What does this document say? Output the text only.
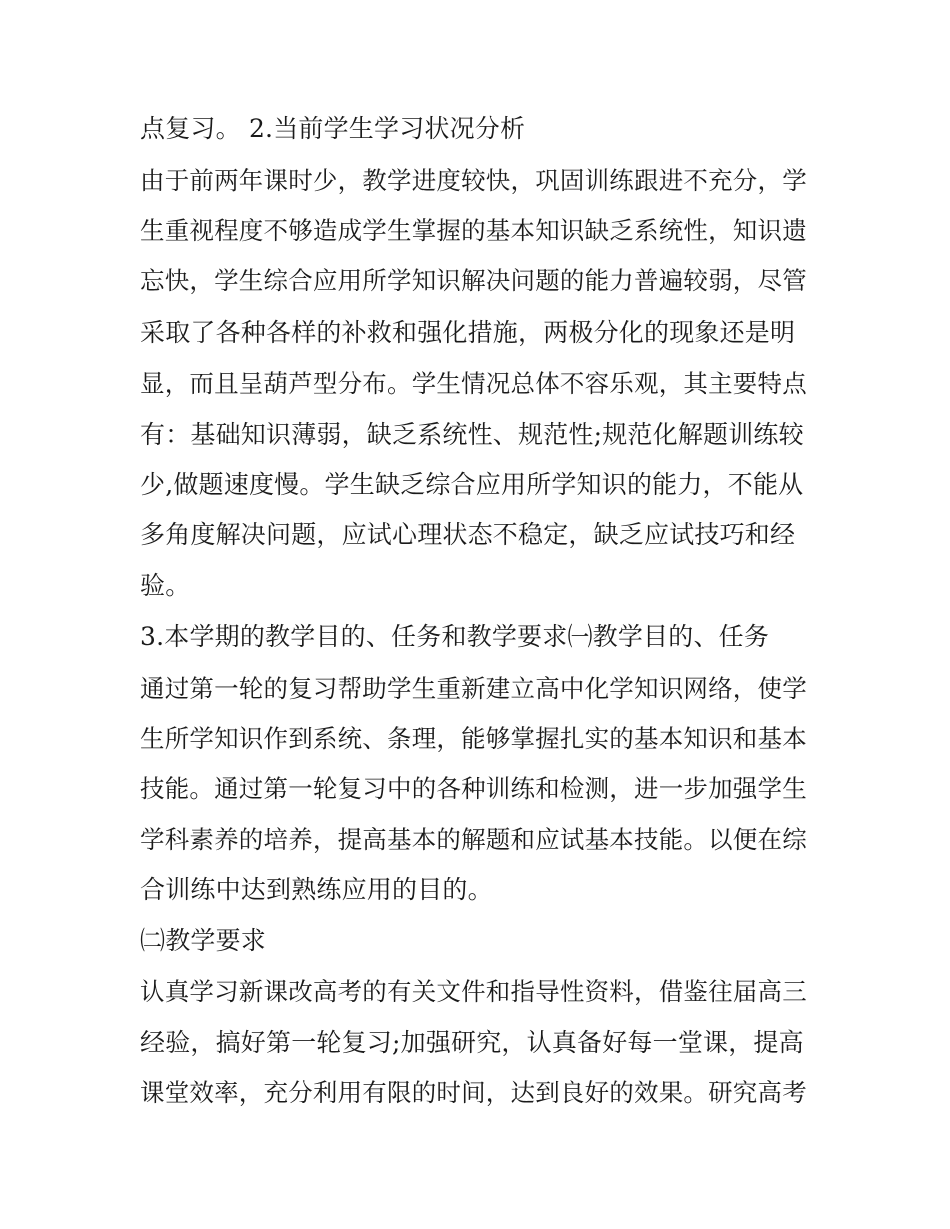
点复习。 2.当前学生学习状况分析
由于前两年课时少，教学进度较快，巩固训练跟进不充分，学
生重视程度不够造成学生掌握的基本知识缺乏系统性，知识遗
忘快，学生综合应用所学知识解决问题的能力普遍较弱，尽管
采取了各种各样的补救和强化措施，两极分化的现象还是明
显，而且呈葫芦型分布。学生情况总体不容乐观，其主要特点
有：基础知识薄弱，缺乏系统性、规范性;规范化解题训练较
少,做题速度慢。学生缺乏综合应用所学知识的能力，不能从
多角度解决问题，应试心理状态不稳定，缺乏应试技巧和经
验。
3.本学期的教学目的、任务和教学要求㈠教学目的、任务
通过第一轮的复习帮助学生重新建立高中化学知识网络，使学
生所学知识作到系统、条理，能够掌握扎实的基本知识和基本
技能。通过第一轮复习中的各种训练和检测，进一步加强学生
学科素养的培养，提高基本的解题和应试基本技能。以便在综
合训练中达到熟练应用的目的。
㈡教学要求
认真学习新课改高考的有关文件和指导性资料，借鉴往届高三
经验，搞好第一轮复习;加强研究，认真备好每一堂课，提高
课堂效率，充分利用有限的时间，达到良好的效果。研究高考
